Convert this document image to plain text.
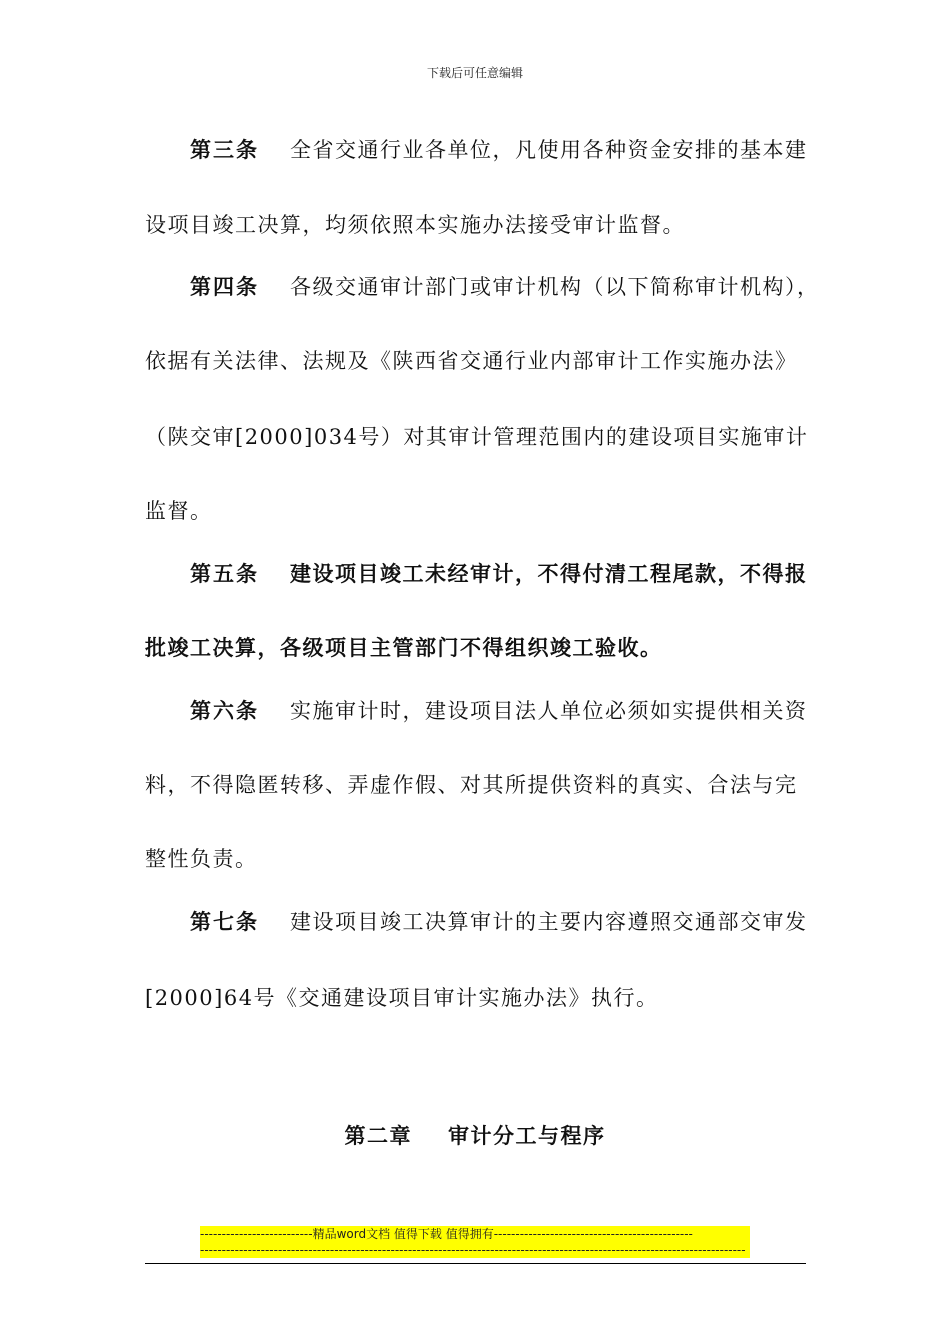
下载后可任意编辑
第三条 全省交通行业各单位，凡使用各种资金安排的基本建
设项目竣工决算，均须依照本实施办法接受审计监督。
第四条 各级交通审计部门或审计机构（以下简称审计机构），
依据有关法律、法规及《陕西省交通行业内部审计工作实施办法》
（陕交审[2000]034号）对其审计管理范围内的建设项目实施审计
监督。
第五条 建设项目竣工未经审计，不得付清工程尾款，不得报
批竣工决算，各级项目主管部门不得组织竣工验收。
第六条 实施审计时，建设项目法人单位必须如实提供相关资
料，不得隐匿转移、弄虚作假、对其所提供资料的真实、合法与完
整性负责。
第七条 建设项目竣工决算审计的主要内容遵照交通部交审发
[2000]64号《交通建设项目审计实施办法》执行。
第二章 审计分工与程序
--------------------------精品word文档 值得下载 值得拥有----------------------------------------------
------------------------------------------------------------------------------------------------------------------------------
